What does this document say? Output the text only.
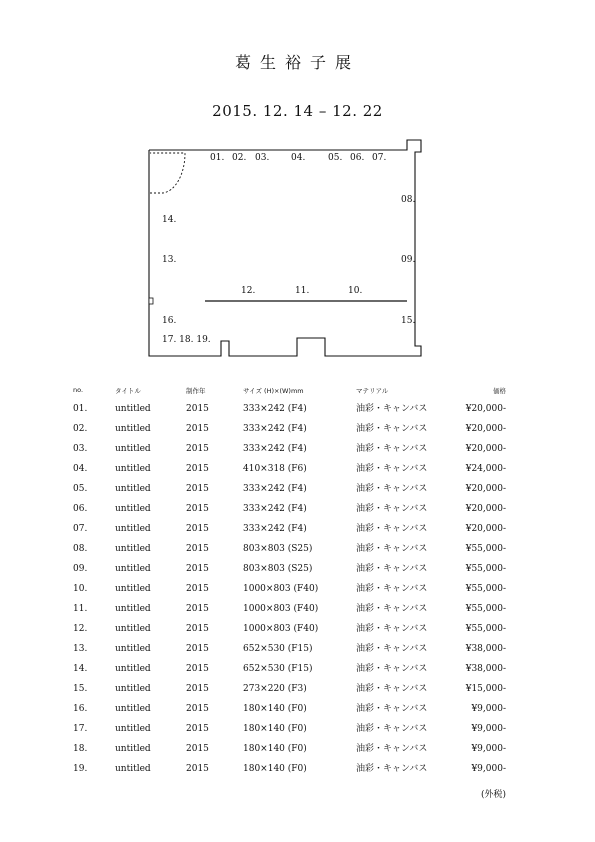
葛生裕子展
2015. 12. 14 – 12. 22
01. 02. 03. 04.	05. 06. 07.
08.
09.
10.
11.
12.
13.
14.
15.
16.
17. 18. 19.
no.	タイトル	制作年	サイズ (H)×(W)mm	マテリアル	価格
01.	untitled	2015	333×242 (F4)	油彩・キャンバス	¥20,000-
02.	untitled	2015	333×242 (F4)	油彩・キャンバス	¥20,000-
03.	untitled	2015	333×242 (F4)	油彩・キャンバス	¥20,000-
04.	untitled	2015	410×318 (F6)	油彩・キャンバス	¥24,000-
05.	untitled	2015	333×242 (F4)	油彩・キャンバス	¥20,000-
06.	untitled	2015	333×242 (F4)	油彩・キャンバス	¥20,000-
07.	untitled	2015	333×242 (F4)	油彩・キャンバス	¥20,000-
08.	untitled	2015	803×803 (S25)	油彩・キャンバス	¥55,000-
09.	untitled	2015	803×803 (S25)	油彩・キャンバス	¥55,000-
10.	untitled	2015	1000×803 (F40)	油彩・キャンバス	¥55,000-
11.	untitled	2015	1000×803 (F40)	油彩・キャンバス	¥55,000-
12.	untitled	2015	1000×803 (F40)	油彩・キャンバス	¥55,000-
13.	untitled	2015	652×530 (F15)	油彩・キャンバス	¥38,000-
14.	untitled	2015	652×530 (F15)	油彩・キャンバス	¥38,000-
15.	untitled	2015	273×220 (F3)	油彩・キャンバス	¥15,000-
16.	untitled	2015	180×140 (F0)	油彩・キャンバス	¥9,000-
17.	untitled	2015	180×140 (F0)	油彩・キャンバス	¥9,000-
18.	untitled	2015	180×140 (F0)	油彩・キャンバス	¥9,000-
19.	untitled	2015	180×140 (F0)	油彩・キャンバス	¥9,000-
(外税)
